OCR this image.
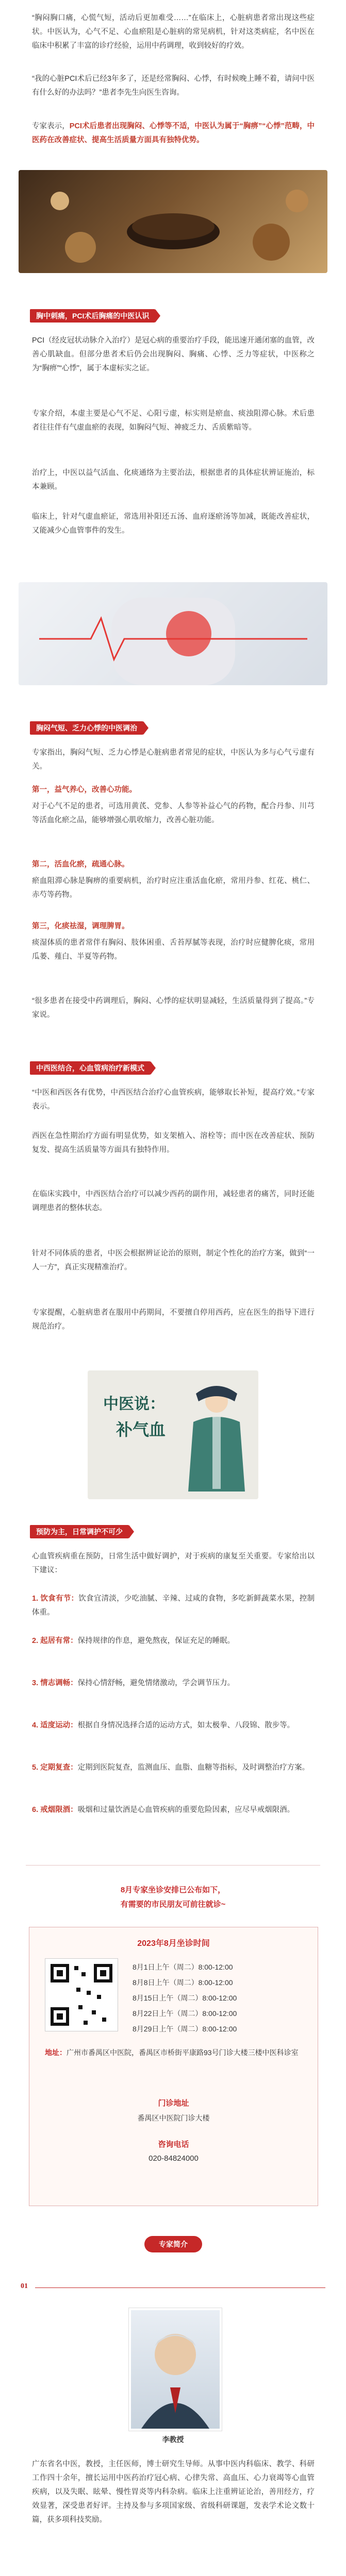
“胸闷胸口痛，心慌气短，活动后更加难受……”在临床上，心脏病患者常出现这些症状。中医认为，心气不足、心血瘀阻是心脏病的常见病机，针对这类病症，名中医在临床中积累了丰富的诊疗经验，运用中药调理，收到较好的疗效。

“我的心脏PCI术后已经3年多了，还是经常胸闷、心悸，有时候晚上睡不着，请问中医有什么好的办法吗？”患者李先生向医生咨询。

专家表示，PCI术后患者出现胸闷、心悸等不适，中医认为属于“胸痹”“心悸”范畴，中医药在改善症状、提高生活质量方面具有独特优势。

胸中刺痛，PCI术后胸痛的中医认识

PCI（经皮冠状动脉介入治疗）是冠心病的重要治疗手段，能迅速开通闭塞的血管，改善心肌缺血。但部分患者术后仍会出现胸闷、胸痛、心悸、乏力等症状，中医称之为“胸痹”“心悸”，属于本虚标实之证。

专家介绍，本虚主要是心气不足、心阳亏虚，标实则是瘀血、痰浊阻滞心脉。术后患者往往伴有气虚血瘀的表现，如胸闷气短、神疲乏力、舌质紫暗等。

治疗上，中医以益气活血、化痰通络为主要治法，根据患者的具体症状辨证施治，标本兼顾。

临床上，针对气虚血瘀证，常选用补阳还五汤、血府逐瘀汤等加减，既能改善症状，又能减少心血管事件的发生。

胸闷气短、乏力心悸的中医调治

专家指出，胸闷气短、乏力心悸是心脏病患者常见的症状，中医认为多与心气亏虚有关。

第一，益气养心，改善心功能。

对于心气不足的患者，可选用黄芪、党参、人参等补益心气的药物，配合丹参、川芎等活血化瘀之品，能够增强心肌收缩力，改善心脏功能。

第二，活血化瘀，疏通心脉。

瘀血阻滞心脉是胸痹的重要病机，治疗时应注重活血化瘀，常用丹参、红花、桃仁、赤芍等药物。

第三，化痰祛湿，调理脾胃。

痰湿体质的患者常伴有胸闷、肢体困重、舌苔厚腻等表现，治疗时应健脾化痰，常用瓜蒌、薤白、半夏等药物。

“很多患者在接受中药调理后，胸闷、心悸的症状明显减轻，生活质量得到了提高。”专家说。

中西医结合，心血管病治疗新模式

“中医和西医各有优势，中西医结合治疗心血管疾病，能够取长补短，提高疗效。”专家表示。

西医在急性期治疗方面有明显优势，如支架植入、溶栓等；而中医在改善症状、预防复发、提高生活质量等方面具有独特作用。

在临床实践中，中西医结合治疗可以减少西药的副作用，减轻患者的痛苦，同时还能调理患者的整体状态。

针对不同体质的患者，中医会根据辨证论治的原则，制定个性化的治疗方案，做到“一人一方”，真正实现精准治疗。

专家提醒，心脏病患者在服用中药期间，不要擅自停用西药，应在医生的指导下进行规范治疗。

中医说：
补气血
预防为主，日常调护不可少

心血管疾病重在预防，日常生活中做好调护，对于疾病的康复至关重要。专家给出以下建议：

1. 饮食有节：饮食宜清淡，少吃油腻、辛辣、过咸的食物，多吃新鲜蔬菜水果，控制体重。

2. 起居有常：保持规律的作息，避免熬夜，保证充足的睡眠。

3. 情志调畅：保持心情舒畅，避免情绪激动，学会调节压力。

4. 适度运动：根据自身情况选择合适的运动方式，如太极拳、八段锦、散步等。

5. 定期复查：定期到医院复查，监测血压、血脂、血糖等指标，及时调整治疗方案。

6. 戒烟限酒：吸烟和过量饮酒是心血管疾病的重要危险因素，应尽早戒烟限酒。

8月专家坐诊安排已公布如下，
有需要的市民朋友可前往就诊~
2023年8月坐诊时间
8月1日上午（周二）8:00-12:00
8月8日上午（周二）8:00-12:00
8月15日上午（周二）8:00-12:00
8月22日上午（周二）8:00-12:00
8月29日上午（周二）8:00-12:00
地址：广州市番禺区中医院，番禺区市桥街平康路93号门诊大楼三楼中医科诊室
门诊地址
番禺区中医院门诊大楼
咨询电话
020-84824000
专家简介
01
李教授

广东省名中医，教授，主任医师，博士研究生导师。从事中医内科临床、教学、科研工作四十余年，擅长运用中医药治疗冠心病、心律失常、高血压、心力衰竭等心血管疾病，以及失眠、眩晕、慢性胃炎等内科杂病。临床上注重辨证论治，善用经方，疗效显著，深受患者好评。主持及参与多项国家级、省级科研课题，发表学术论文数十篇，获多项科技奖励。
